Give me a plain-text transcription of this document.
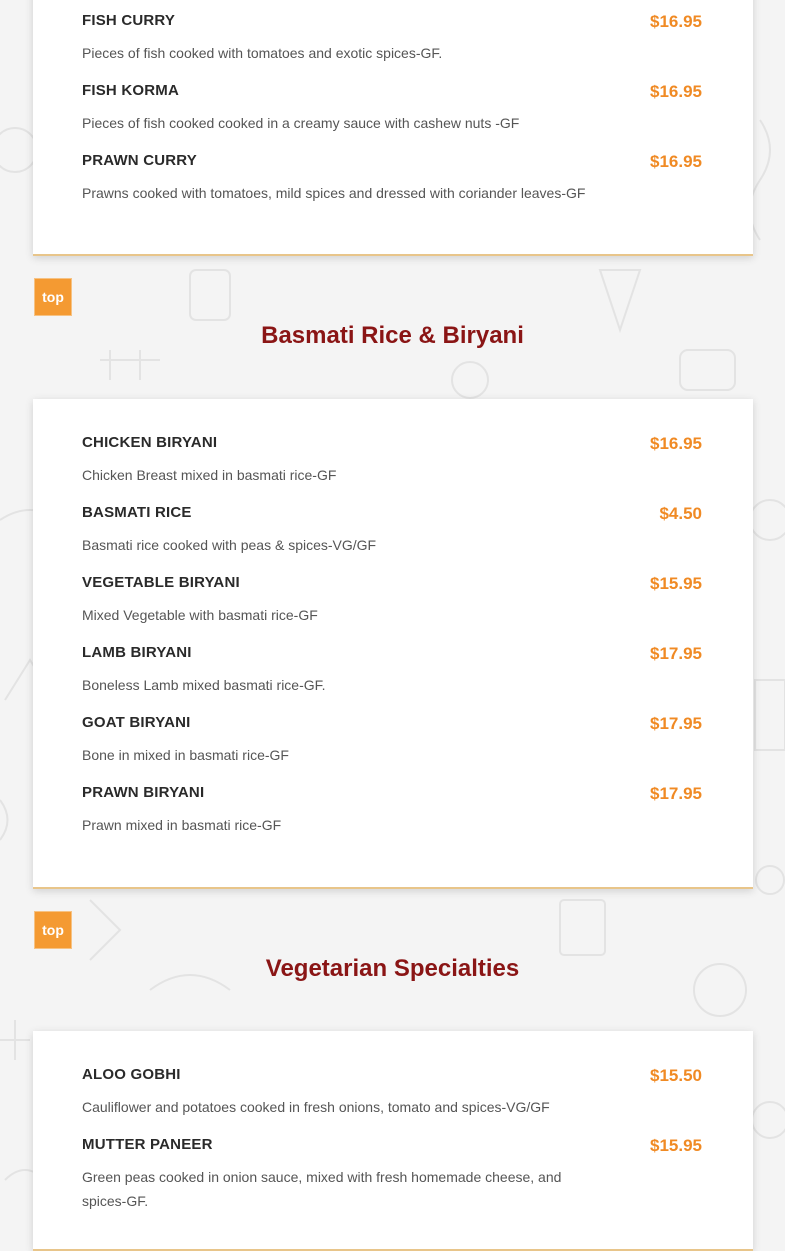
FISH CURRY	$16.95
Pieces of fish cooked with tomatoes and exotic spices-GF.
FISH KORMA	$16.95
Pieces of fish cooked cooked in a creamy sauce with cashew nuts -GF
PRAWN CURRY	$16.95
Prawns cooked with tomatoes, mild spices and dressed with coriander leaves-GF
top
Basmati Rice & Biryani
CHICKEN BIRYANI	$16.95
Chicken Breast mixed in basmati rice-GF
BASMATI RICE	$4.50
Basmati rice cooked with peas & spices-VG/GF
VEGETABLE BIRYANI	$15.95
Mixed Vegetable with basmati rice-GF
LAMB BIRYANI	$17.95
Boneless Lamb mixed basmati rice-GF.
GOAT BIRYANI	$17.95
Bone in mixed in basmati rice-GF
PRAWN BIRYANI	$17.95
Prawn mixed in basmati rice-GF
top
Vegetarian Specialties
ALOO GOBHI	$15.50
Cauliflower and potatoes cooked in fresh onions, tomato and spices-VG/GF
MUTTER PANEER	$15.95
Green peas cooked in onion sauce, mixed with fresh homemade cheese, and spices-GF.
